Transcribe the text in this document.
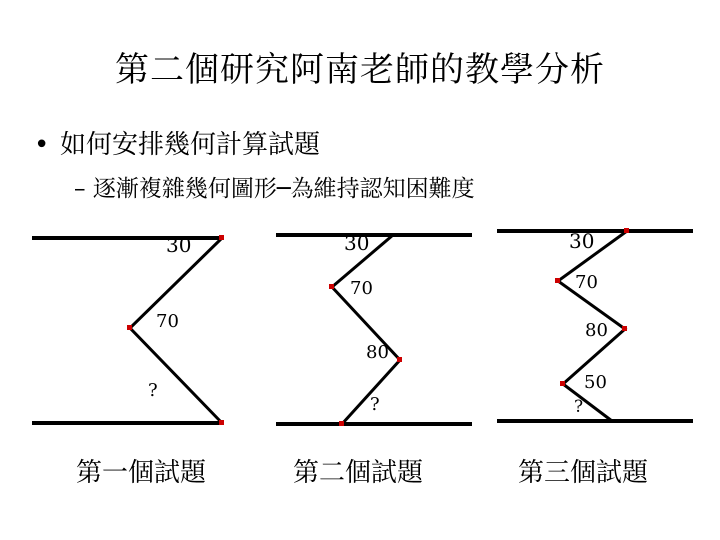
第二個研究阿南老師的教學分析
• 如何安排幾何計算試題
– 逐漸複雜幾何圖形─為維持認知困難度
30
70
?
30
70
80
?
30
70
80
50
?
第一個試題	第二個試題	第三個試題
